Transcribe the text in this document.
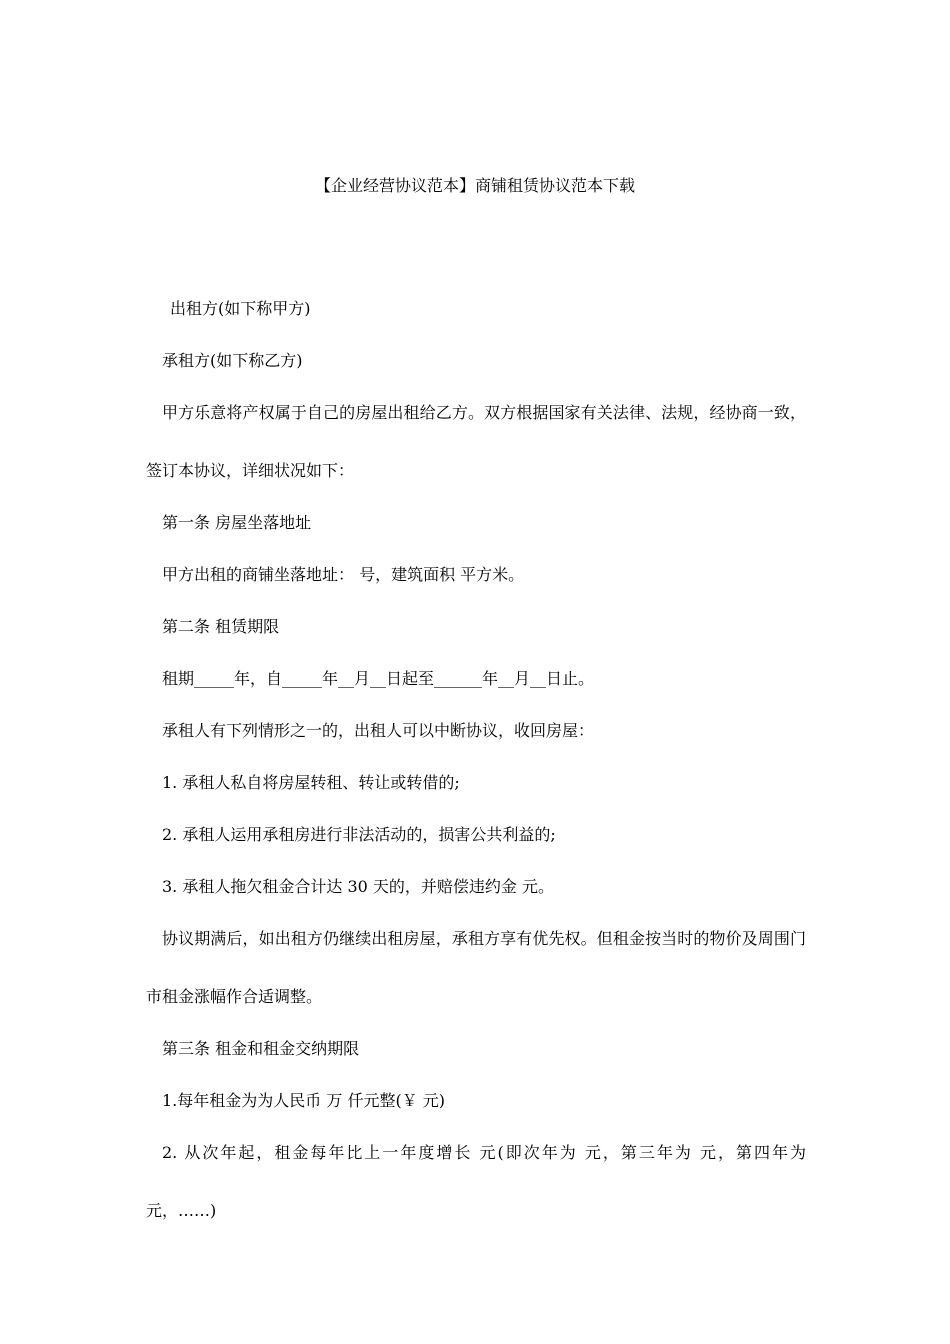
【企业经营协议范本】商铺租赁协议范本下载

出租方(如下称甲方)

承租方(如下称乙方)

甲方乐意将产权属于自己的房屋出租给乙方。双方根据国家有关法律、法规，经协商一致，签订本协议，详细状况如下：

第一条 房屋坐落地址

甲方出租的商铺坐落地址： 号，建筑面积 平方米。

第二条 租赁期限

租期_____年，自_____年__月__日起至______年__月__日止。

承租人有下列情形之一的，出租人可以中断协议，收回房屋：

1. 承租人私自将房屋转租、转让或转借的;

2. 承租人运用承租房进行非法活动的，损害公共利益的;

3. 承租人拖欠租金合计达 30 天的，并赔偿违约金 元。

协议期满后，如出租方仍继续出租房屋，承租方享有优先权。但租金按当时的物价及周围门市租金涨幅作合适调整。

第三条 租金和租金交纳期限

1.每年租金为为人民币 万 仟元整(￥ 元)

2. 从次年起，租金每年比上一年度增长 元(即次年为 元，第三年为 元，第四年为 元，……)
